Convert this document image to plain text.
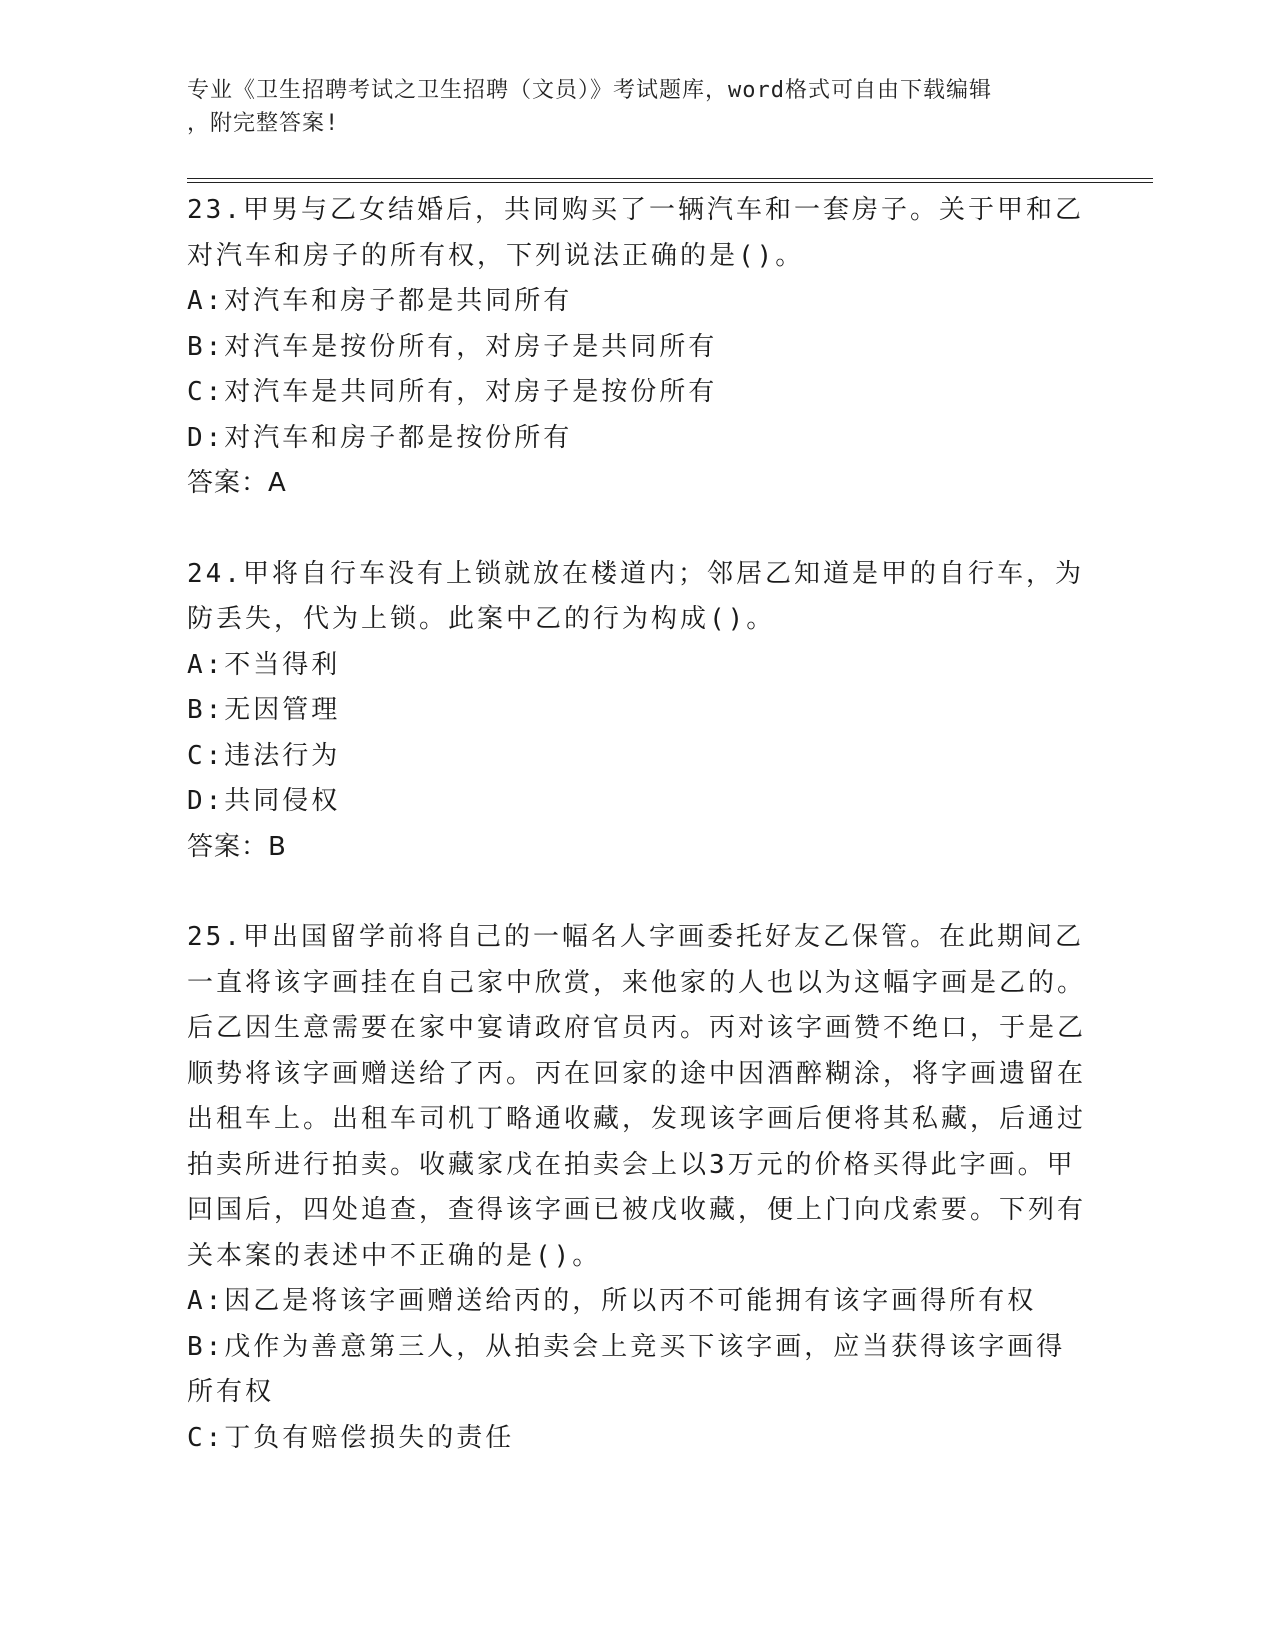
专业《卫生招聘考试之卫生招聘（文员）》考试题库，word格式可自由下载编辑
，附完整答案!

23.甲男与乙女结婚后，共同购买了一辆汽车和一套房子。关于甲和乙对汽车和房子的所有权，下列说法正确的是()。

A:对汽车和房子都是共同所有

B:对汽车是按份所有，对房子是共同所有

C:对汽车是共同所有，对房子是按份所有

D:对汽车和房子都是按份所有

答案：A

24.甲将自行车没有上锁就放在楼道内；邻居乙知道是甲的自行车，为防丢失，代为上锁。此案中乙的行为构成()。

A:不当得利

B:无因管理

C:违法行为

D:共同侵权

答案：B

25.甲出国留学前将自己的一幅名人字画委托好友乙保管。在此期间乙一直将该字画挂在自己家中欣赏，来他家的人也以为这幅字画是乙的。后乙因生意需要在家中宴请政府官员丙。丙对该字画赞不绝口，于是乙顺势将该字画赠送给了丙。丙在回家的途中因酒醉糊涂，将字画遗留在出租车上。出租车司机丁略通收藏，发现该字画后便将其私藏，后通过拍卖所进行拍卖。收藏家戊在拍卖会上以3万元的价格买得此字画。甲回国后，四处追查，查得该字画已被戊收藏，便上门向戊索要。下列有关本案的表述中不正确的是()。

A:因乙是将该字画赠送给丙的，所以丙不可能拥有该字画得所有权

B:戊作为善意第三人，从拍卖会上竞买下该字画，应当获得该字画得所有权

C:丁负有赔偿损失的责任
